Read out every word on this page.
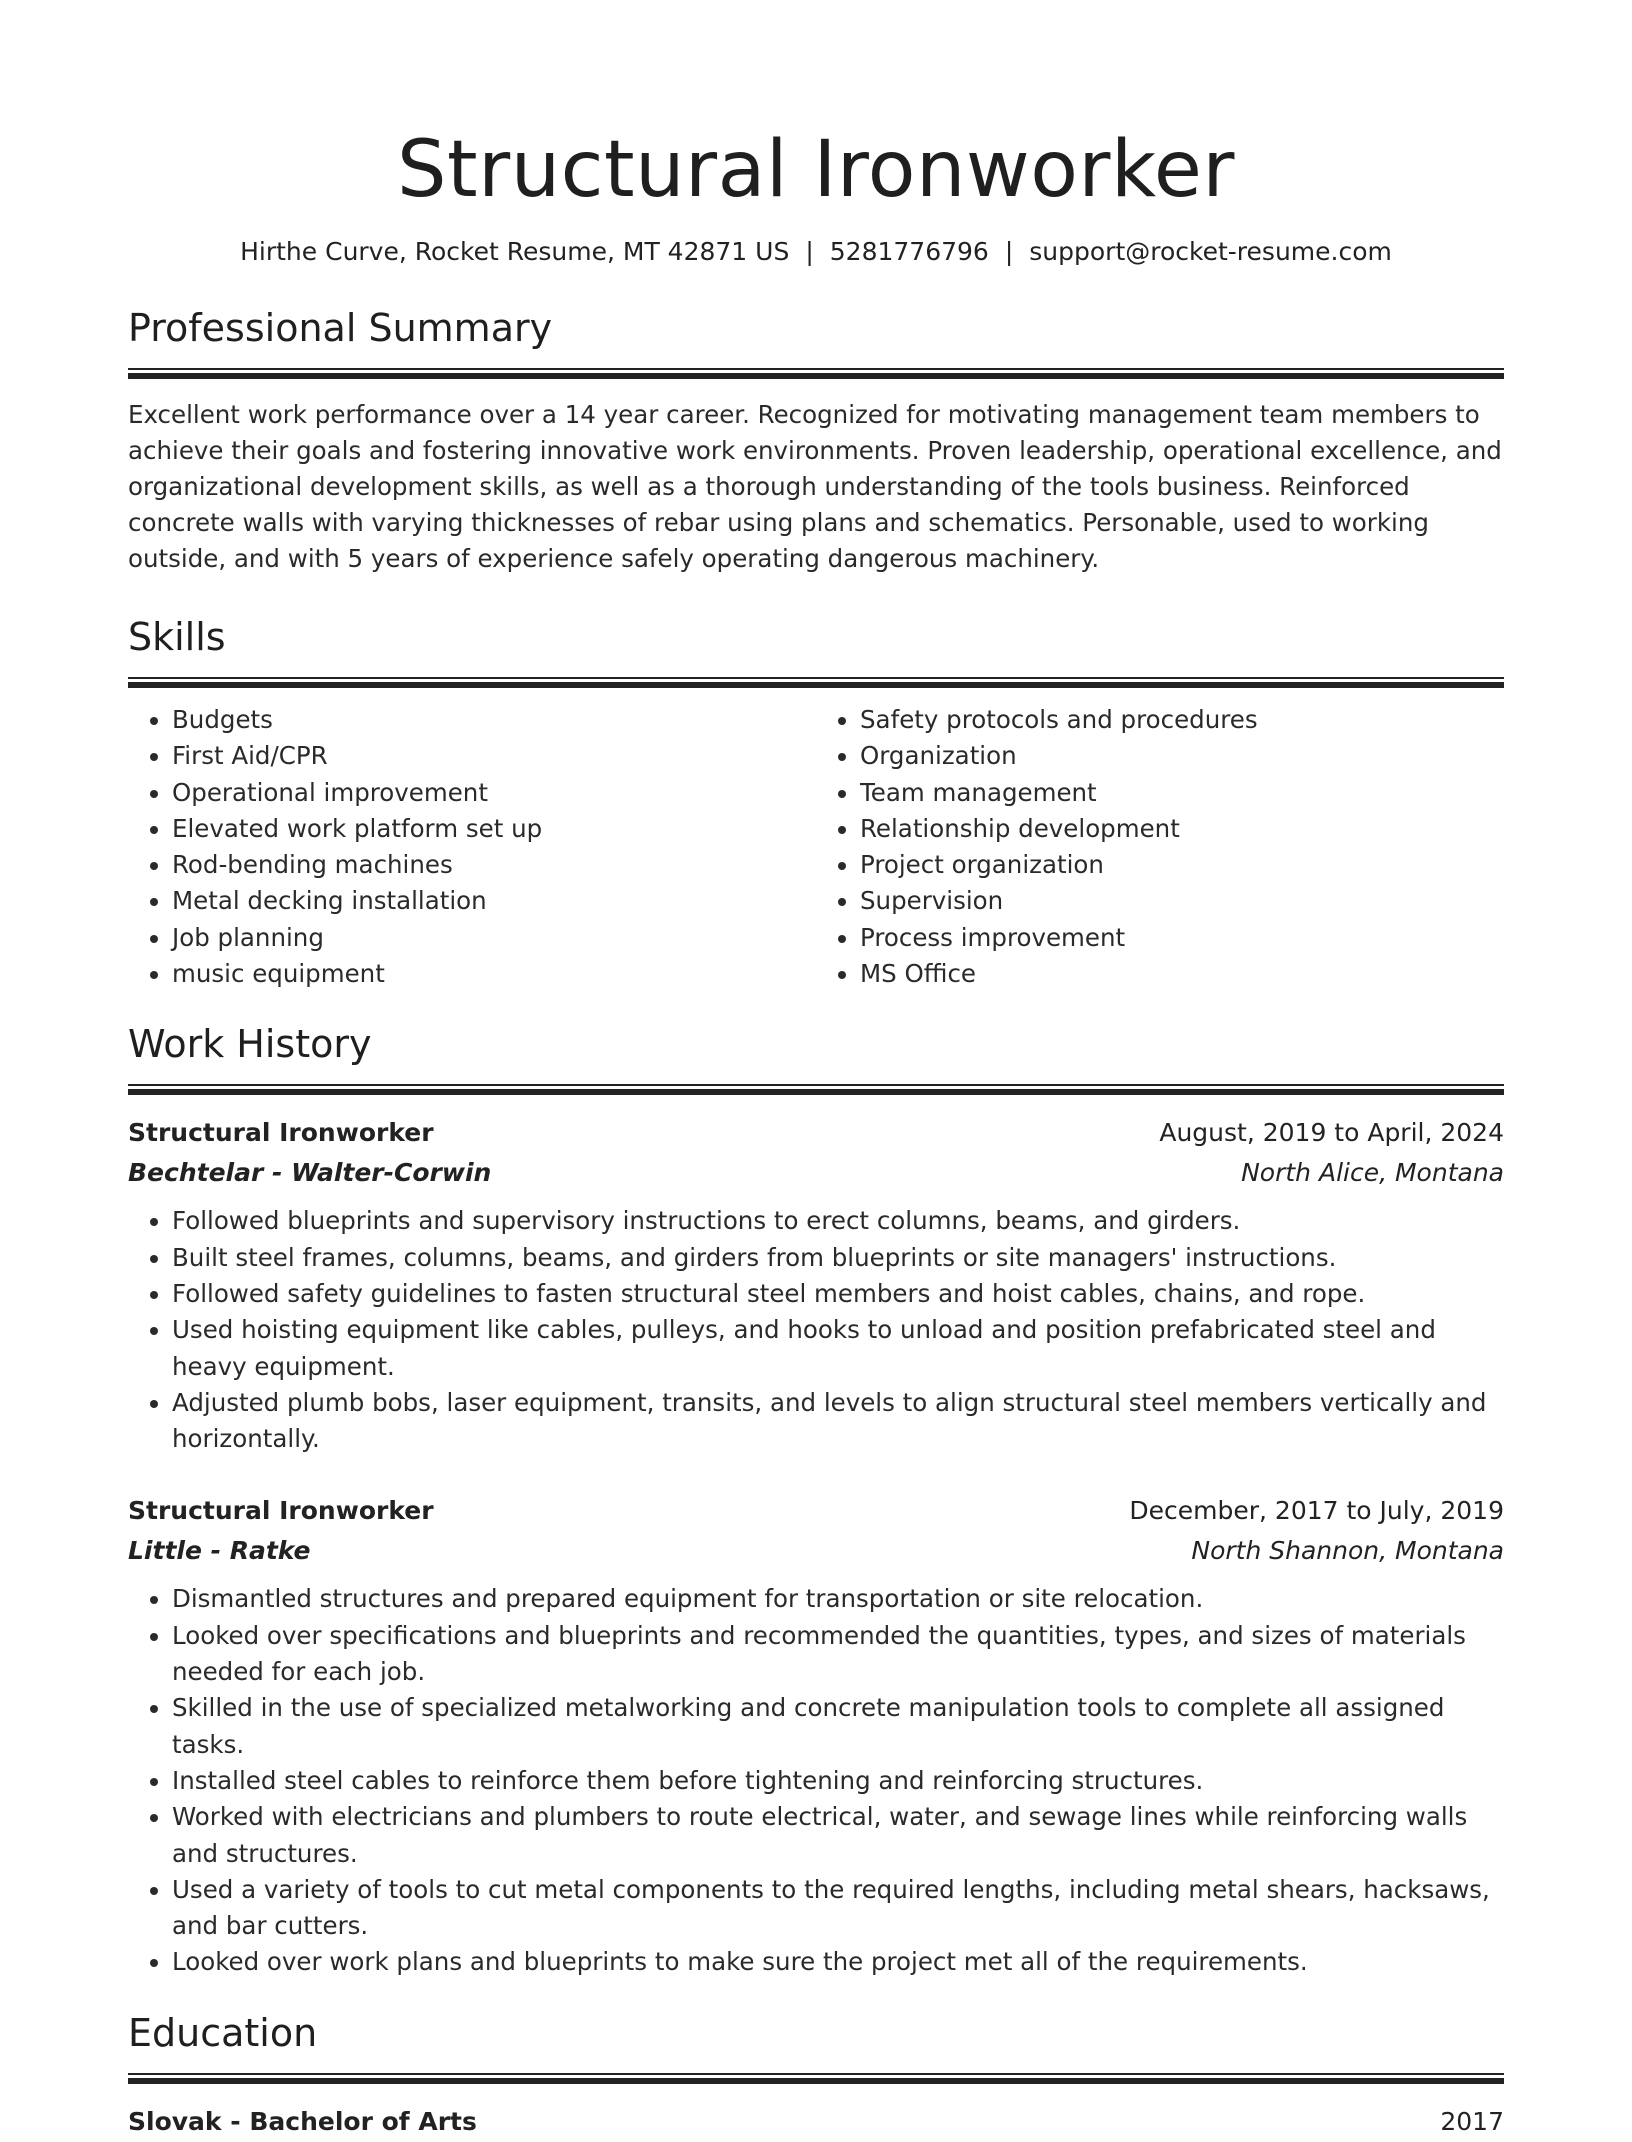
Structural Ironworker
Hirthe Curve, Rocket Resume, MT 42871 US | 5281776796 | support@rocket-resume.com
Professional Summary
Excellent work performance over a 14 year career. Recognized for motivating management team members to achieve their goals and fostering innovative work environments. Proven leadership, operational excellence, and organizational development skills, as well as a thorough understanding of the tools business. Reinforced concrete walls with varying thicknesses of rebar using plans and schematics. Personable, used to working outside, and with 5 years of experience safely operating dangerous machinery.
Skills
• Budgets
• First Aid/CPR
• Operational improvement
• Elevated work platform set up
• Rod-bending machines
• Metal decking installation
• Job planning
• music equipment
• Safety protocols and procedures
• Organization
• Team management
• Relationship development
• Project organization
• Supervision
• Process improvement
• MS Office
Work History
Structural Ironworker	August, 2019 to April, 2024
Bechtelar - Walter-Corwin	North Alice, Montana
• Followed blueprints and supervisory instructions to erect columns, beams, and girders.
• Built steel frames, columns, beams, and girders from blueprints or site managers' instructions.
• Followed safety guidelines to fasten structural steel members and hoist cables, chains, and rope.
• Used hoisting equipment like cables, pulleys, and hooks to unload and position prefabricated steel and heavy equipment.
• Adjusted plumb bobs, laser equipment, transits, and levels to align structural steel members vertically and horizontally.
Structural Ironworker	December, 2017 to July, 2019
Little - Ratke	North Shannon, Montana
• Dismantled structures and prepared equipment for transportation or site relocation.
• Looked over specifications and blueprints and recommended the quantities, types, and sizes of materials needed for each job.
• Skilled in the use of specialized metalworking and concrete manipulation tools to complete all assigned tasks.
• Installed steel cables to reinforce them before tightening and reinforcing structures.
• Worked with electricians and plumbers to route electrical, water, and sewage lines while reinforcing walls and structures.
• Used a variety of tools to cut metal components to the required lengths, including metal shears, hacksaws, and bar cutters.
• Looked over work plans and blueprints to make sure the project met all of the requirements.
Education
Slovak - Bachelor of Arts	2017
